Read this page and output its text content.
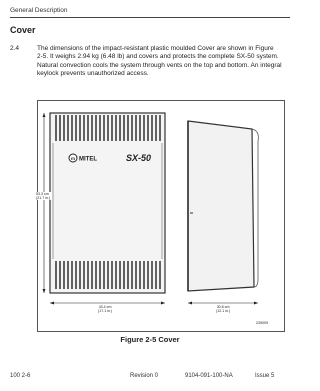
General Description
Cover
2.4	The dimensions of the impact-resistant plastic moulded Cover are shown in Figure
2-5. It weighs 2.94 kg (6.48 lb) and covers and protects the complete SX-50 system.
Natural convection cools the system through vents on the top and bottom. An integral
keylock prevents unauthorized access.
m MITEL	SX-50
53.3 cm
(21.7 in.)
43.4 cm
(17.1 in.)
30.8 cm
(12.1 in.)
239009
Figure 2-5 Cover
100 2-6	Revision 0	9104-091-100-NA	Issue 5
